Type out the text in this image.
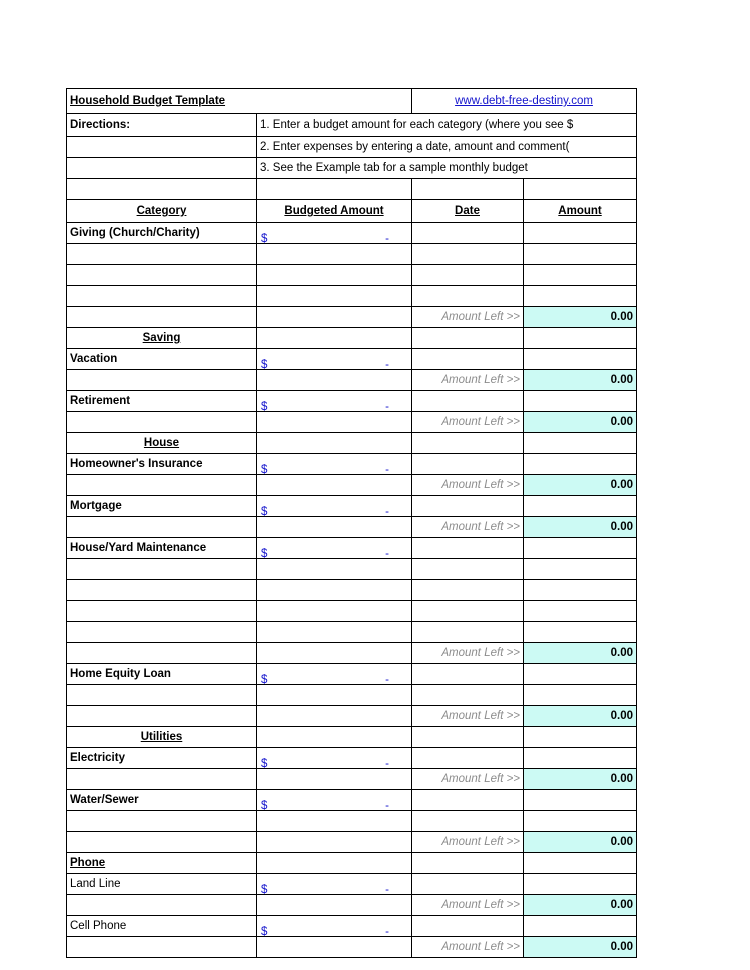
Household Budget Template		www.debt-free-destiny.com	
Directions:	1. Enter a budget amount for each category (where you see $		
	2. Enter expenses by entering a date, amount and comment(		
	3. See the Example tab for a sample monthly budget		

Category	Budgeted Amount	Date	Amount
Giving (Church/Charity)	$ -		

		Amount Left >>	0.00
Saving			
Vacation	$ -		

		Amount Left >>	0.00
Retirement	$ -		

		Amount Left >>	0.00
House			
Homeowner's Insurance	$ -		

		Amount Left >>	0.00
Mortgage	$ -		

		Amount Left >>	0.00
House/Yard Maintenance	$ -		

		Amount Left >>	0.00
Home Equity Loan	$ -		

		Amount Left >>	0.00
Utilities			
Electricity	$ -		

		Amount Left >>	0.00
Water/Sewer	$ -		

		Amount Left >>	0.00
Phone			
Land Line	$ -		

		Amount Left >>	0.00
Cell Phone	$ -		

		Amount Left >>	0.00
